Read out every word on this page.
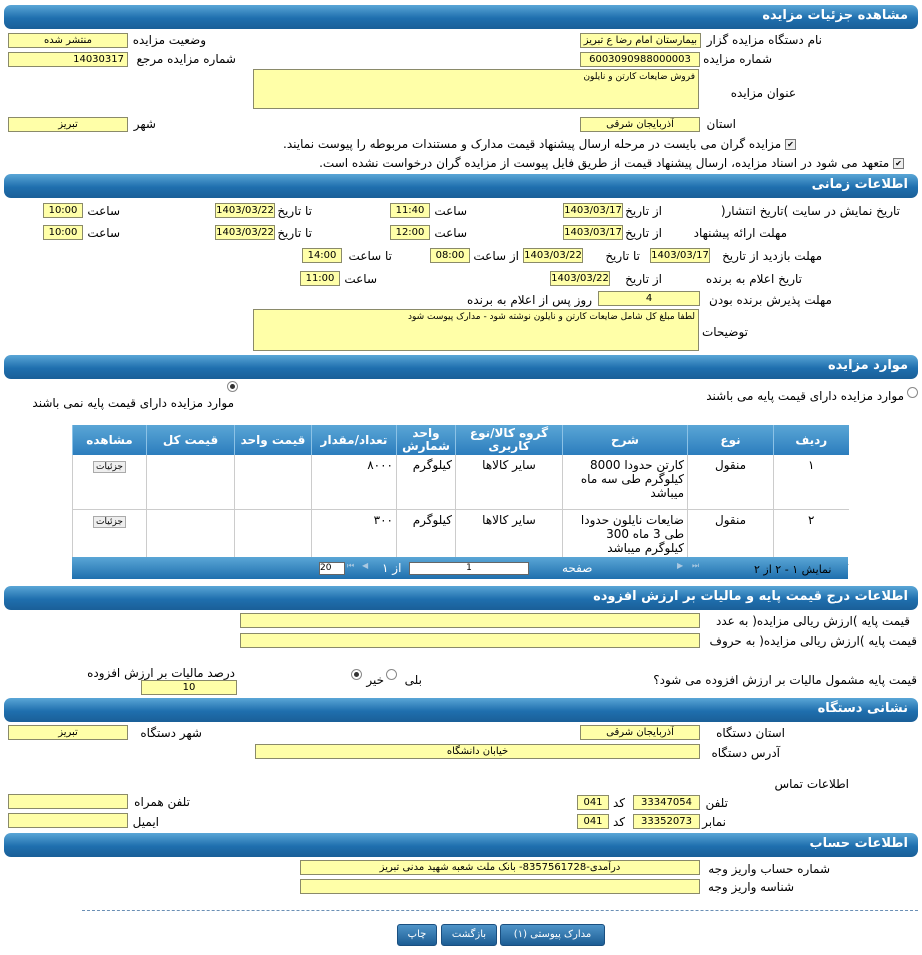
مشاهده جزئیات مزایده
نام دستگاه مزایده گزار
بیمارستان امام رضا ع تبریز
وضعیت مزایده
منتشر شده
شماره مزایده
6003090988000003
شماره مزایده مرجع
14030317
فروش ضایعات کارتن و نایلون
عنوان مزایده
استان
آذربایجان شرقی
شهر
تبریز
✔ مزایده گران می بایست در مرحله ارسال پیشنهاد قیمت مدارک و مستندات مربوطه را پیوست نمایند.
✔ متعهد می شود در اسناد مزایده، ارسال پیشنهاد قیمت از طریق فایل پیوست از مزایده گران درخواست نشده است.
اطلاعات زمانی
تاریخ نمایش در سایت )تاریخ انتشار(
از تاریخ
1403/03/17
ساعت
11:40
تا تاریخ
1403/03/22
ساعت
10:00
مهلت ارائه پیشنهاد
از تاریخ
1403/03/17
ساعت
12:00
تا تاریخ
1403/03/22
ساعت
10:00
مهلت بازدید از تاریخ
1403/03/17
تا تاریخ
1403/03/22
از ساعت
08:00
تا ساعت
14:00
تاریخ اعلام به برنده
از تاریخ
1403/03/22
ساعت
11:00
مهلت پذیرش برنده بودن
4
روز پس از اعلام به برنده
لطفا مبلغ کل شامل ضایعات کارتن و نایلون نوشته شود - مدارک پیوست شود
توضیحات
موارد مزایده
موارد مزایده دارای قیمت پایه می باشند
موارد مزایده دارای قیمت پایه نمی باشند
ردیف	نوع	شرح	گروه کالا/نوع کاربری	واحد شمارش	تعداد/مقدار	قیمت واحد	قیمت کل	مشاهده
۱	منقول	کارتن حدودا 8000 کیلوگرم طی سه ماه میباشد	سایر کالاها	کیلوگرم	۸۰۰۰			جزئیات
۲	منقول	ضایعات نایلون حدودا طی 3 ماه 300 کیلوگرم میباشد	سایر کالاها	کیلوگرم	۳۰۰			جزئیات
⏭
▶
صفحه
1
از ۱
◀
⏮
20	نمایش ۱ - ۲ از ۲
اطلاعات درج قیمت پایه و مالیات بر ارزش افزوده
قیمت پایه )ارزش ریالی مزایده( به عدد
قیمت پایه )ارزش ریالی مزایده( به حروف
قیمت پایه مشمول مالیات بر ارزش افزوده می شود؟
بلی
خیر
درصد مالیات بر ارزش افزوده
10
نشانی دستگاه
استان دستگاه
آذربایجان شرقی
شهر دستگاه
تبریز
آدرس دستگاه
خیابان دانشگاه
اطلاعات تماس
تلفن
33347054
کد
041
تلفن همراه
نمابر
33352073
کد
041
ایمیل
اطلاعات حساب
شماره حساب واریز وجه
درآمدی-8357561728- بانک ملت شعبه شهید مدنی تبریز
شناسه واریز وجه
مدارک پیوستی (۱)
بازگشت
چاپ
